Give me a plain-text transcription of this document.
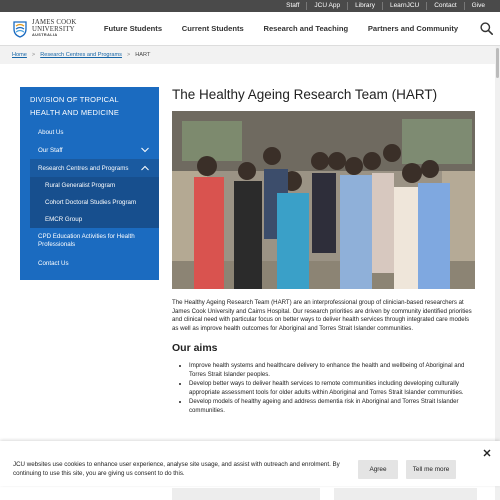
Staff	JCU App	Library	LearnJCU	Contact	Give
JAMES COOK
UNIVERSITY
AUSTRALIA
Future Students	Current Students	Research and Teaching	Partners and Community
Home > Research Centres and Programs > HART
DIVISION OF TROPICAL HEALTH AND MEDICINE
About Us
Our Staff
Research Centres and Programs
Rural Generalist Program
Cohort Doctoral Studies Program
EMCR Group
CPD Education Activities for Health Professionals
Contact Us
The Healthy Ageing Research Team (HART)

The Healthy Ageing Research Team (HART) are an interprofessional group of clinician-based researchers at James Cook University and Cairns Hospital. Our research priorities are driven by community identified priorities and clinical need with particular focus on better ways to deliver health services through integrated care models as well as improve health outcomes for Aboriginal and Torres Strait Islander communities.

Our aims
• Improve health systems and healthcare delivery to enhance the health and wellbeing of Aboriginal and Torres Strait Islander peoples.
• Develop better ways to deliver health services to remote communities including developing culturally appropriate assessment tools for older adults within Aboriginal and Torres Strait Islander communities.
• Develop models of healthy ageing and address dementia risk in Aboriginal and Torres Strait Islander communities.

JCU websites use cookies to enhance user experience, analyse site usage, and assist with outreach and enrolment. By continuing to use this site, you are giving us consent to do this.

Agree	Tell me more
